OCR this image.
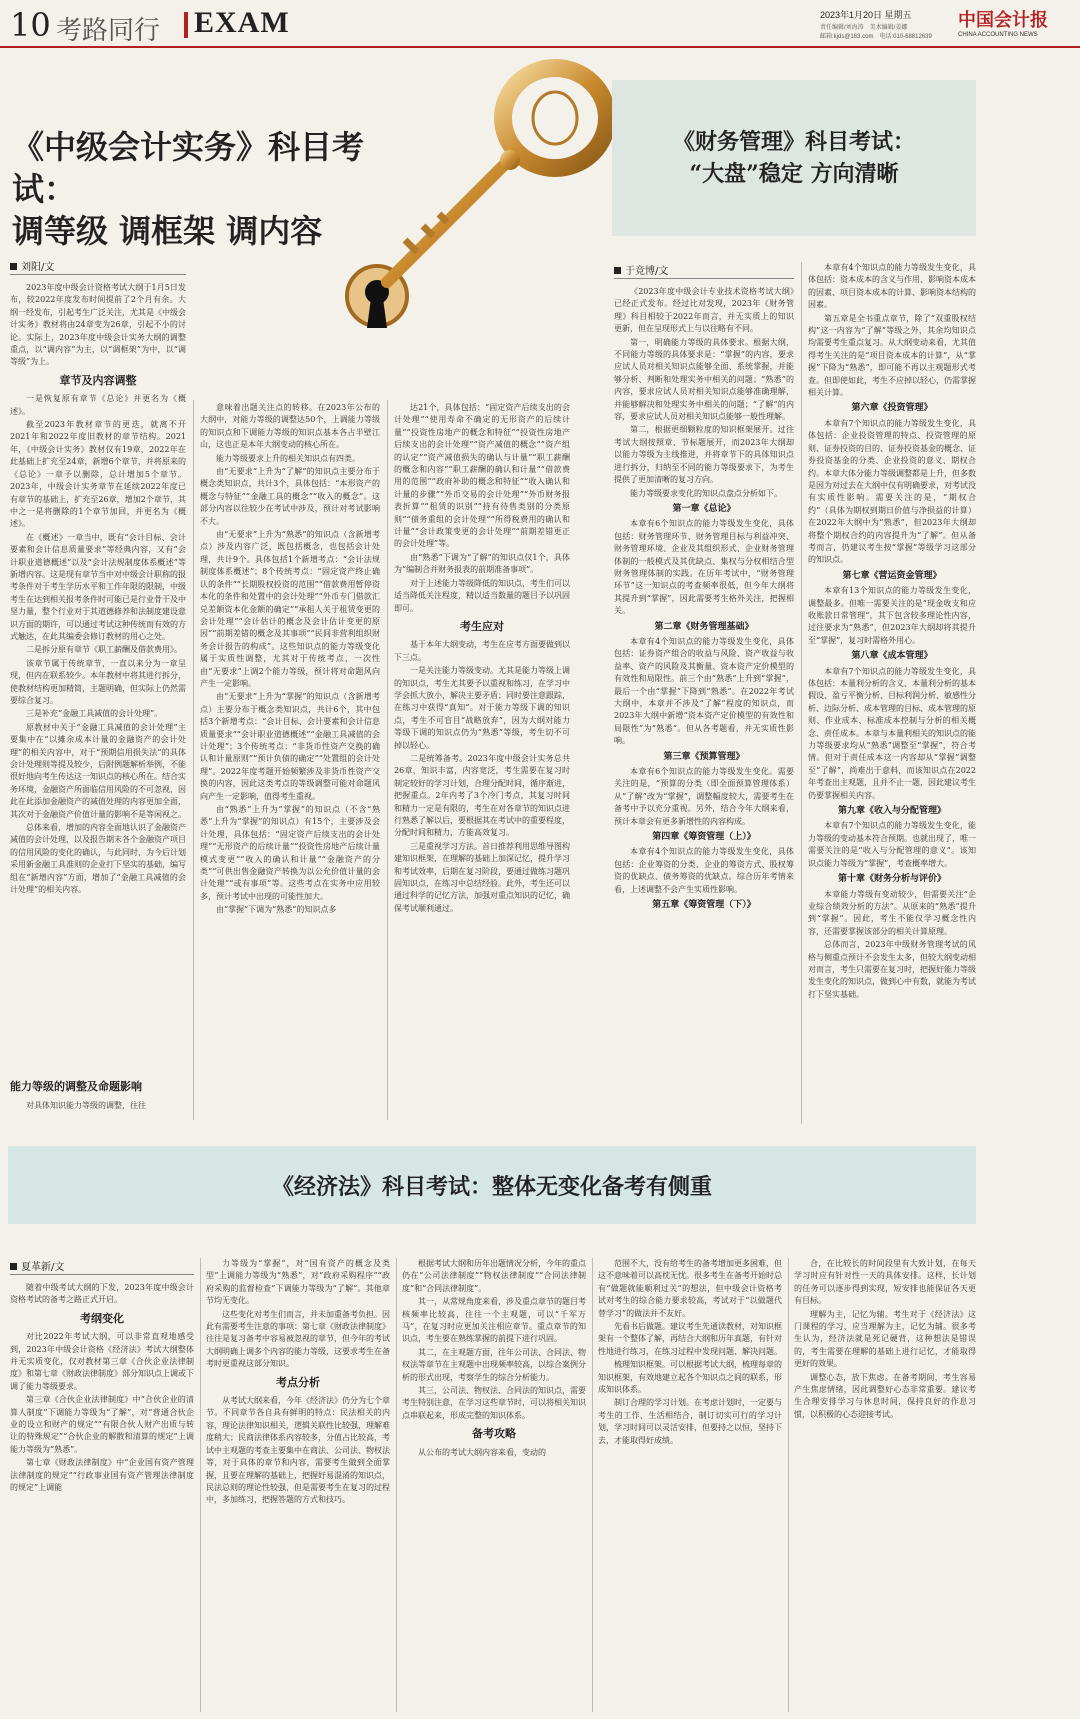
10 考路同行 EXAM	2023年1月20日 星期五
责任编辑/刘海涛　美术编辑/姜娜
邮箱:kjds@163.com　电话:010-68812639
中国会计报
CHINA ACCOUNTING NEWS
《中级会计实务》科目考试：
调等级 调框架 调内容
《财务管理》科目考试：
“大盘”稳定 方向清晰
刘阳/文

2023年度中级会计资格考试大纲于1月5日发布，较2022年度发布时间提前了2个月有余。大纲一经发布，引起考生广泛关注，尤其是《中级会计实务》教材将由24章变为26章，引起不小的讨论。实际上，2023年度中级会计实务大纲的调整重点，以“调内容”为主，以“调框架”为中，以“调等级”为上。

章节及内容调整

一是恢复原有章节《总论》并更名为《概述》。

截至2023年教材章节的更迭，就离不开2021年和2022年度旧教材的章节结构。2021年，《中级会计实务》教材仅有19章，2022年在此基础上扩充至24章，新增6个章节，并将原来的《总论》一章予以删除，总计增加5个章节。2023年，中级会计实务章节在延续2022年度已有章节的基础上，扩充至26章，增加2个章节，其中之一是将删除的1个章节加回，并更名为《概述》。

在《概述》一章当中，既有“会计目标、会计要素和会计信息质量要求”等经典内容，又有“会计职业道德概述”以及“会计法规制度体系概述”等新增内容。这是现有章节当中对中级会计职称的报考条件对于考生学历水平和工作年限的限制，中级考生在达到相关报考条件时可能已是行业骨干及中坚力量，整个行业对于其道德修养和法制度建设意识方面的期许，可以通过考试这种传统而有效的方式触达，在此其编委会修订教材的用心之处。

二是拆分原有章节《职工薪酬及借款费用》。

该章节属于传统章节，一直以来分为一章呈现，但内在联系较少。本年教材中将其进行拆分，使教材结构更加精简，主题明确，但实际上仍然需要综合复习。

三是补充“金融工具减值的会计处理”。

原教材中关于“金融工具减值的会计处理”主要集中在“以摊余成本计量的金融资产的会计处理”的相关内容中，对于“预期信用损失法”的具体会计处理则等提及较少，后附例题解析举例，不能很好地向考生传达这一知识点的核心所在。结合实务环境，金融资产所面临信用风险的不可忽视，因此在此添加金融资产的减值处理的内容更加全面，其次对于金融资产价值计量的影响不是等闲视之。

总体来看，增加的内容全面地认识了金融资产减值的会计处理，以及报告期末各个金融资产项目的信用风险的变化的确认，与此同时，为今后计划采用新金融工具准则的企业打下坚实的基础，编写组在“新增内容”方面，增加了“金融工具减值的会计处理”的相关内容。

能力等级的调整及命题影响
对具体知识能力等级的调整，往往

意味着出题关注点的转移。在2023年公布的大纲中，对能力等级的调整达50个，上调能力等级的知识点和下调能力等级的知识点基本各占半壁江山，这也正是本年大纲变动的核心所在。

能力等级要求上升的相关知识点有四类。

由“无要求”上升为“了解”的知识点主要分布于概念类知识点，共计3个，具体包括：“本形资产的概念与特征”“金融工具的概念”“收入的概念”。这部分内容以往较少在考试中涉及，预计对考试影响不大。

由“无要求”上升为“熟悉”的知识点（含新增考点）涉及内容广泛，既包括概念，也包括会计处理，共计9个。具体包括1个新增考点：“会计法规制度体系概述”；8个传统考点：“固定资产终止确认的条件”“长期股权投资的范围”“借款费用暂停资本化的条件和处置中的会计处理”“外币专门借款汇兑差额资本化金额的确定”“承租人关于租赁变更的会计处理”“会计估计的概念及会计估计变更的原因”“前期差错的概念及其事项”“民间非营利组织财务会计报告的构成”。这些知识点的能力等级变化属于实质性调整，尤其对于传统考点，一次性由“无要求”上调2个能力等级，预计将对命题风向产生一定影响。

由“无要求”上升为“掌握”的知识点（含新增考点）主要分布于概念类知识点，共计6个，其中包括3个新增考点：“会计目标、会计要素和会计信息质量要求”“会计职业道德概述”“金融工具减值的会计处理”；3个传统考点：“非货币性资产交换的确认和计量原则”“预计负债的确定”“处置组的会计处理”。2022年度考题开始频繁涉及非货币性资产交换的内容，因此这类考点的等级调整可能对命题风向产生一定影响，值得考生重视。

由“熟悉”上升为“掌握”的知识点（不含“熟悉”上升为“掌握”的知识点）有15个，主要涉及会计处理，具体包括：“固定资产后续支出的会计处理”“无形资产的后续计量”“投资性房地产后续计量模式变更”“收入的确认和计量”“金融资产的分类”“可供出售金融资产转换为以公允价值计量的会计处理”“或有事项”等。这些考点在实务中应用较多，预计考试中出现的可能性加大。

由“掌握”下调为“熟悉”的知识点多

达21个，具体包括：“固定资产后续支出的会计处理”“使用寿命不确定的无形资产的后续计量”“投资性房地产的概念和特征”“投资性房地产后续支出的会计处理”“资产减值的概念”“资产组的认定”“资产减值损失的确认与计量”“职工薪酬的概念和内容”“职工薪酬的确认和计量”“借款费用的范围”“政府补助的概念和特征”“收入确认和计量的步骤”“外币交易的会计处理”“外币财务报表折算”“租赁的识别”“持有待售类别的分类原则”“债务重组的会计处理”“所得税费用的确认和计量”“会计政策变更的会计处理”“前期差错更正的会计处理”等。

由“熟悉”下调为“了解”的知识点仅1个，具体为“编制合并财务报表的前期准备事项”。

对于上述能力等级降低的知识点，考生们可以适当降低关注程度，精以适当数量的题目予以巩固即可。

考生应对

基于本年大纲变动，考生在应考方面要做到以下三点。

一是关注能力等级变动。尤其是能力等级上调的知识点，考生尤其要予以重视和练习，在学习中学会抓大放小，解决主要矛盾；同时要注意跟踪，在练习中获得“真知”。对于能力等级下调的知识点，考生不可盲目“战略放弃”，因为大纲对能力等级下调的知识点仍为“熟悉”等级，考生切不可掉以轻心。

二是统筹备考。2023年度中级会计实务总共26章，知识丰富，内容宽泛，考生需要在复习时制定较好的学习计划，合理分配时间，循序渐进，把握重点。2年内考了3个冷门考点，其复习时间和精力一定是有限的，考生在对各章节的知识点进行熟悉了解以后，要根据其在考试中的重要程度，分配时间和精力，方能高效复习。

三是重视学习方法。首日推荐利用思维导图构建知识框架，在理解的基础上加深记忆，提升学习和考试效率，后期在复习阶段，要通过做练习题巩固知识点，在练习中总结经验。此外，考生还可以通过科学的记忆方法，加强对重点知识的记忆，确保考试顺利通过。

于竞博/文

《2023年度中级会计专业技术资格考试大纲》已经正式发布。经过比对发现，2023年《财务管理》科目相较于2022年而言，并无实质上的知识更新，但在呈现形式上与以往略有不同。

第一，明确能力等级的具体要求。根据大纲，不同能力等级的具体要求是：“掌握”的内容，要求应试人员对相关知识点能够全面、系统掌握，并能够分析、判断和处理实务中相关的问题；“熟悉”的内容，要求应试人员对相关知识点能够准确理解，并能够解决和处理实务中相关的问题；“了解”的内容，要求应试人员对相关知识点能够一般性理解。

第二，根据更细颗粒度的知识框架展开。过往考试大纲按照章、节标题展开，而2023年大纲却以能力等级为主线推进，并将章节下的具体知识点进行拆分，归纳至不同的能力等级要求下，为考生提供了更加清晰的复习方向。

能力等级要求变化的知识点盘点分析如下。

第一章《总论》

本章有6个知识点的能力等级发生变化，具体包括：财务管理环节、财务管理目标与利益冲突、财务管理环境、企业及其组织形式、企业财务管理体制的一般模式及其优缺点、集权与分权相结合型财务管理体制的实践。在历年考试中，“财务管理环节”这一知识点的考查频率很低，但今年大纲将其提升到“掌握”，因此需要考生格外关注，把握相关。

第二章《财务管理基础》

本章有4个知识点的能力等级发生变化，具体包括：证券资产组合的收益与风险、资产收益与收益率、资产的风险及其衡量、资本资产定价模型的有效性和局限性。前三个由“熟悉”上升到“掌握”，最后一个由“掌握”下降到“熟悉”。在2022年考试大纲中，本章并不涉及“了解”程度的知识点，而2023年大纲中新增“资本资产定价模型的有效性和局限性”为“熟悉”。但从各考题看，并无实质性影响。

第三章《预算管理》

本章有6个知识点的能力等级发生变化。需要关注的是，“预算的分类（即全面预算管理体系）从“了解”改为“掌握”，调整幅度较大，需要考生在备考中予以充分重视。另外，结合今年大纲来看，预计本章会有更多新增性的内容构成。

第四章《筹资管理（上）》

本章有4个知识点的能力等级发生变化，具体包括：企业筹资的分类、企业的筹资方式、股权筹资的优缺点、债务筹资的优缺点。综合历年考情来看，上述调整不会产生实质性影响。

第五章《筹资管理（下）》

本章有4个知识点的能力等级发生变化，具体包括：资本成本的含义与作用、影响资本成本的因素、项目资本成本的计算、影响资本结构的因素。

第五章是全书重点章节，除了“双重股权结构”这一内容为“了解”等级之外，其余均知识点均需要考生重点复习。从大纲变动来看，尤其值得考生关注的是“项目资本成本的计算”，从“掌握”下降为“熟悉”，即可能不再以主观题形式考查。但即使如此，考生不应掉以轻心，仍需掌握相关计算。

第六章《投资管理》

本章有7个知识点的能力等级发生变化，具体包括：企业投资管理的特点、投资管理的原则、证券投资的目的、证券投资基金的概念、证券投资基金的分类、企业投资的意义、期权合约。本章大体分能力等级调整都是上升，但多数是因为对过去在大纲中仅有明确要求，对考试没有实质性影响。需要关注的是，“期权合约”（具体为期权到期日价值与净损益的计算）在2022年大纲中为“熟悉”，但2023年大纲却将整个期权合约的内容提升为“了解”。但从备考而言，仍建议考生按“掌握”等级学习这部分的知识点。

第七章《营运资金管理》

本章有13个知识点的能力等级发生变化，调整最多。但唯一需要关注的是“现金收支和应收账款日常管理”，其下包含较多理论性内容，过往要求为“熟悉”，但2023年大纲却将其提升至“掌握”，复习时需格外用心。

第八章《成本管理》

本章有7个知识点的能力等级发生变化，具体包括：本量利分析的含义、本量利分析的基本假设、盈亏平衡分析、目标利润分析、敏感性分析、边际分析、成本管理的目标、成本管理的原则、作业成本、标准成本控制与分析的相关概念、责任成本。本章与本量利相关的知识点的能力等级要求均从“熟悉”调整至“掌握”，符合考情。但对于责任成本这一内容却从“掌握”调整至“了解”，尚难出于意料，而该知识点在2022年考查出主观题，且并不止一题，因此建议考生仍要掌握相关内容。

第九章《收入与分配管理》

本章有7个知识点的能力等级发生变化，能力等级的变动基本符合预期。也就出现了，唯一需要关注的是“收入与分配管理的意义”。该知识点能力等级为“掌握”，考查概率增大。

第十章《财务分析与评价》

本章能力等级有变动较少，但需要关注“企业综合绩效分析的方法”。从原来的“熟悉”提升到“掌握”。因此，考生不能仅学习概念性内容，还需要掌握该部分的相关计算原理。

总体而言，2023年中级财务管理考试的风格与侧重点预计不会发生太多，但较大纲变动相对而言，考生只需要在复习时，把握好能力等级发生变化的知识点，做到心中有数，就能为考试打下坚实基础。

《经济法》科目考试：整体无变化备考有侧重
夏革新/文

随着中级考试大纲的下发，2023年度中级会计资格考试的备考之路正式开启。

考纲变化

对比2022年考试大纲，可以非常直观地感受到，2023年中级会计资格《经济法》考试大纲整体并无实质变化，仅对教材第三章《合伙企业法律制度》和第七章《财政法律制度》部分知识点上调或下调了能力等级要求。

第三章《合伙企业法律制度》中“合伙企业的清算人制度”下调能力等级为“了解”，对“普通合伙企业的设立和财产的规定”“有限合伙人财产出质与转让的特殊规定”“合伙企业的解散和清算的规定”上调能力等级为“熟悉”。

第七章《财政法律制度》中“企业国有资产管理法律制度的规定”“行政事业国有资产管理法律制度的规定”上调能

力等级为“掌握”，对“国有资产的概念及类型”上调能力等级为“熟悉”，对“政府采购程序”“政府采购的监督检查”下调能力等级为“了解”。其他章节均无变化。

这些变化对考生们而言，并未加重备考负担。因此有需要考生注意的事项：第七章《财政法律制度》往往是复习备考中容易被忽视的章节，但今年的考试大纲明确上调多个内容的能力等级，这要求考生在备考时更重视这部分知识。

考点分析

从考试大纲来看，今年《经济法》仍分为七个章节。不同章节各自具有鲜明的特点：民法相关的内容，理论法律知识相关，逻辑关联性比较强，理解难度稍大；民商法律体系内容较多，分值占比较高，考试中主观题的考查主要集中在商法、公司法、物权法等，对于具体的章节和内容，需要考生做到全面掌握，且要在理解的基础上，把握好易混淆的知识点，民法总则的理论性较强，但是需要考生在复习的过程中，多加练习，把握答题的方式和技巧。

根据考试大纲和历年出题情况分析，今年的重点仍在“公司法律制度”“物权法律制度”“合同法律制度”和“合同法律制度”。

其一，从常规角度来看，涉及重点章节的题目考核频率比较高，往往一个主观题，可以“千军万马”，在复习时应更加关注相应章节。重点章节的知识点，考生要在熟练掌握的前提下进行巩固。

其二，在主观题方面，往年公司法、合同法、物权法等章节在主观题中出现频率较高，以综合案例分析的形式出现，考察学生的综合分析能力。

其三，公司法、物权法、合同法的知识点，需要考生特别注意，在学习这些章节时，可以将相关知识点串联起来，形成完整的知识体系。

备考攻略

从公布的考试大纲内容来看，变动的

范围不大，没有给考生的备考增加更多困难，但这不意味着可以高枕无忧。很多考生在备考开始时总有“做题就能顺利过关”的想法，但中级会计资格考试对考生的综合能力要求较高，考试对于“以做题代替学习”的做法并不友好。

先看书后做题。建议考生先通读教材，对知识框架有一个整体了解，再结合大纲和历年真题，有针对性地进行练习，在练习过程中发现问题、解决问题。

梳理知识框架。可以根据考试大纲，梳理每章的知识框架，有效地建立起各个知识点之间的联系，形成知识体系。

制订合理的学习计划。在考虑计划时，一定要与考生的工作、生活相结合，制订切实可行的学习计划，学习时间可以灵活安排，但要持之以恒，坚持下去，才能取得好成绩。

合，在比较长的时间段里有大致计划，在每天学习时应有针对性一天的具体安排。这样，长计划的任务可以逐步得到实现，短安排也能保证各天更有目标。

理解为主，记忆为辅。考生对于《经济法》这门课程的学习，应当理解为主，记忆为辅。很多考生认为，经济法就是死记硬背，这种想法是错误的，考生需要在理解的基础上进行记忆，才能取得更好的效果。

调整心态，放下焦虑。在备考期间，考生容易产生焦虑情绪，因此调整好心态非常重要。建议考生合理安排学习与休息时间，保持良好的作息习惯，以积极的心态迎接考试。
